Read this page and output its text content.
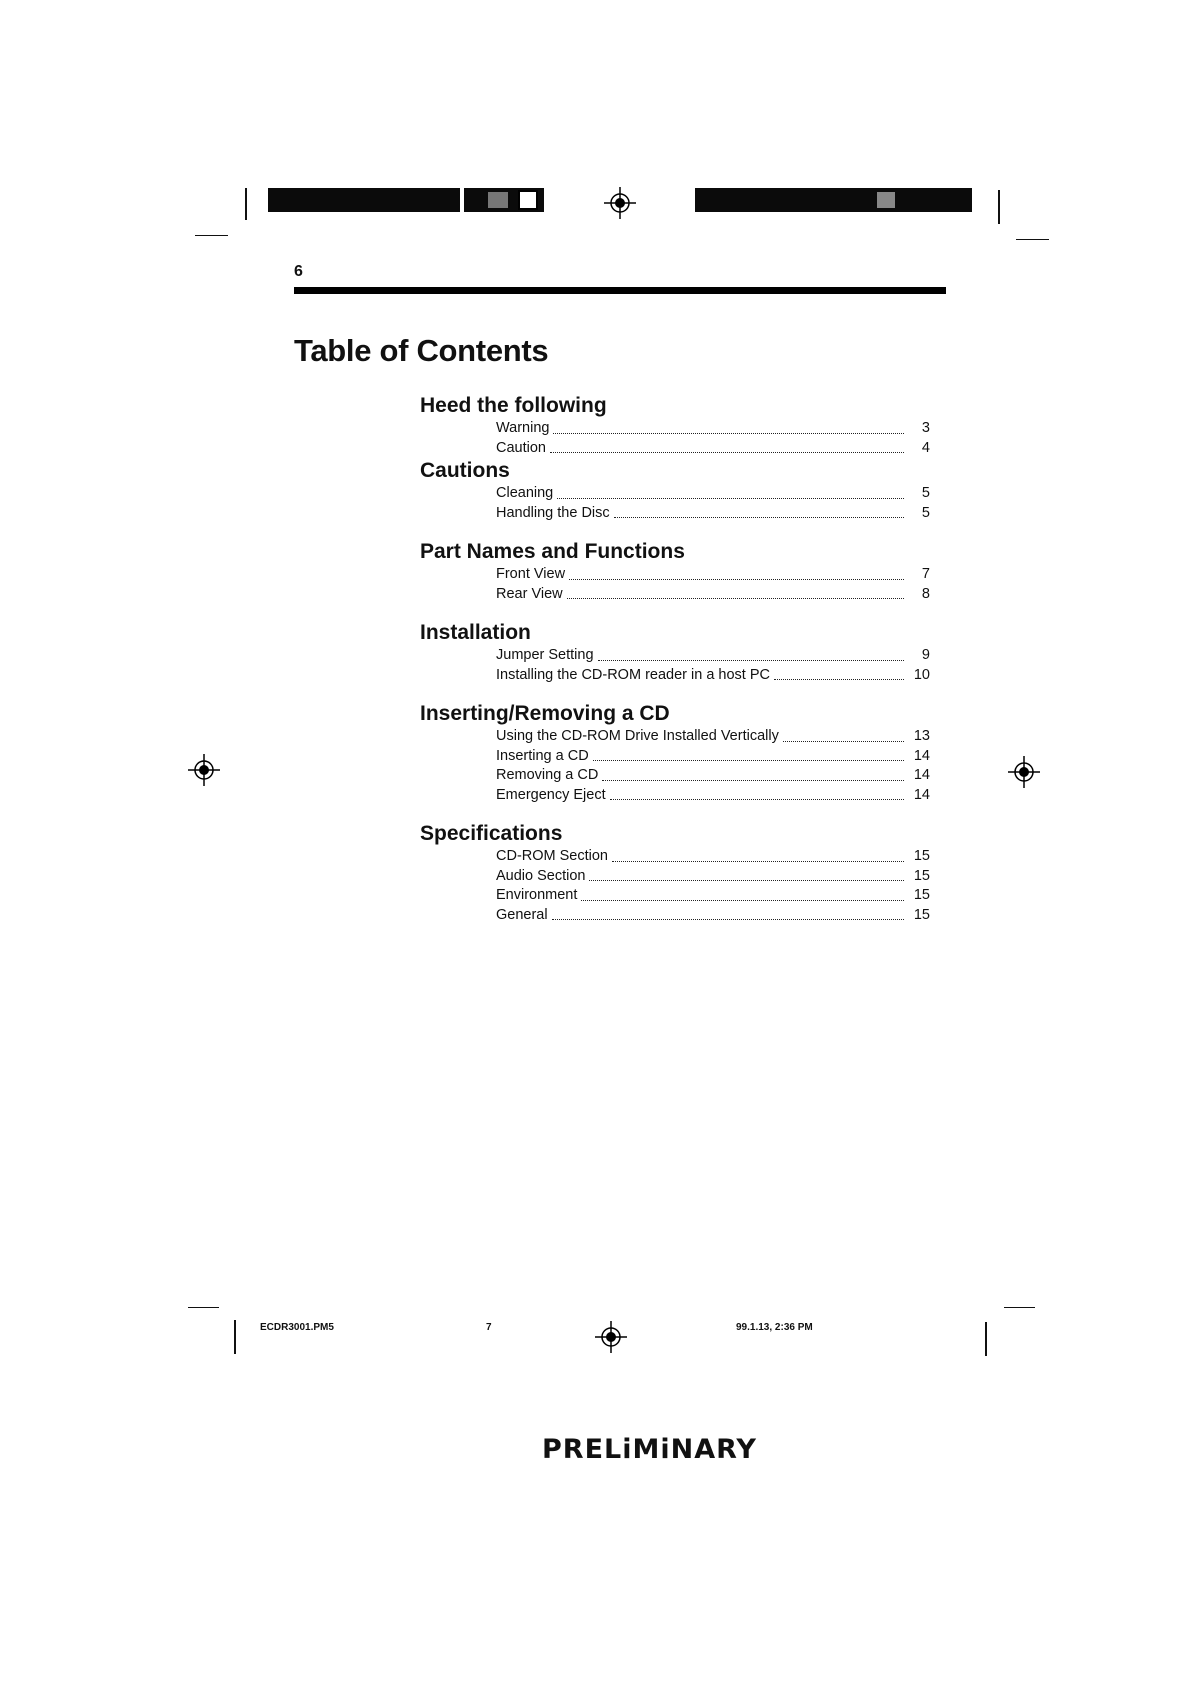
6
Table of Contents
Heed the following
Warning	3
Caution	4
Cautions
Cleaning	5
Handling the Disc	5
Part Names and Functions
Front View	7
Rear View	8
Installation
Jumper Setting	9
Installing the CD-ROM reader in a host PC	10
Inserting/Removing a CD
Using the CD-ROM Drive Installed Vertically	13
Inserting a CD	14
Removing a CD	14
Emergency Eject	14
Specifications
CD-ROM Section	15
Audio Section	15
Environment	15
General	15
ECDR3001.PM5	7	99.1.13, 2:36 PM
PRELiMiNARY
